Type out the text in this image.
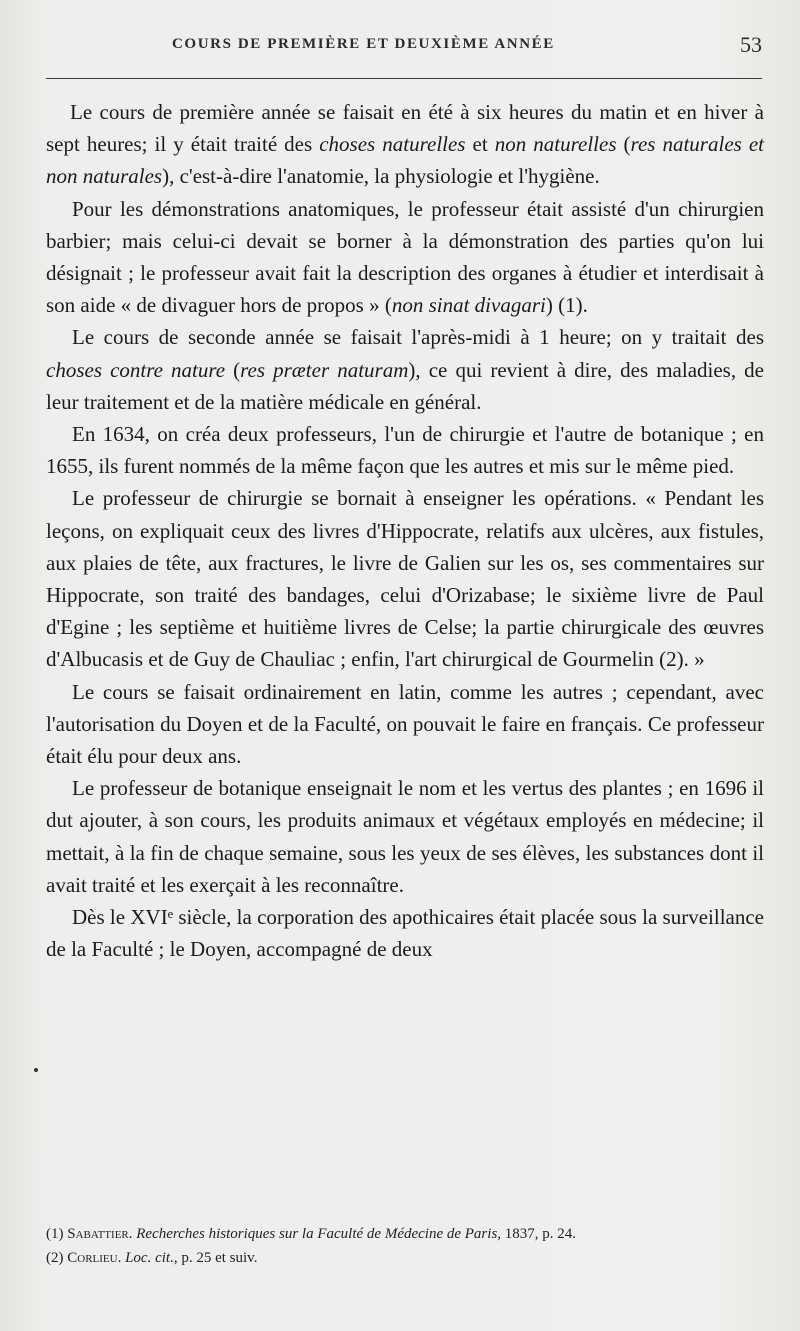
COURS DE PREMIÈRE ET DEUXIÈME ANNÉE	53

Le cours de première année se faisait en été à six heures du matin et en hiver à sept heures; il y était traité des choses naturelles et non naturelles (res naturales et non naturales), c'est-à-dire l'anatomie, la physiologie et l'hygiène.

Pour les démonstrations anatomiques, le professeur était assisté d'un chirurgien barbier; mais celui-ci devait se borner à la démonstration des parties qu'on lui désignait ; le professeur avait fait la description des organes à étudier et interdisait à son aide « de divaguer hors de propos » (non sinat divagari) (1).

Le cours de seconde année se faisait l'après-midi à 1 heure; on y traitait des choses contre nature (res præter naturam), ce qui revient à dire, des maladies, de leur traitement et de la matière médicale en général.

En 1634, on créa deux professeurs, l'un de chirurgie et l'autre de botanique ; en 1655, ils furent nommés de la même façon que les autres et mis sur le même pied.

Le professeur de chirurgie se bornait à enseigner les opérations. « Pendant les leçons, on expliquait ceux des livres d'Hippocrate, relatifs aux ulcères, aux fistules, aux plaies de tête, aux fractures, le livre de Galien sur les os, ses commentaires sur Hippocrate, son traité des bandages, celui d'Orizabase; le sixième livre de Paul d'Egine ; les septième et huitième livres de Celse; la partie chirurgicale des œuvres d'Albucasis et de Guy de Chauliac ; enfin, l'art chirurgical de Gourmelin (2). »

Le cours se faisait ordinairement en latin, comme les autres ; cependant, avec l'autorisation du Doyen et de la Faculté, on pouvait le faire en français. Ce professeur était élu pour deux ans.

Le professeur de botanique enseignait le nom et les vertus des plantes ; en 1696 il dut ajouter, à son cours, les produits animaux et végétaux employés en médecine; il mettait, à la fin de chaque semaine, sous les yeux de ses élèves, les substances dont il avait traité et les exerçait à les reconnaître.

Dès le XVIᵉ siècle, la corporation des apothicaires était placée sous la surveillance de la Faculté ; le Doyen, accompagné de deux

(1) Sabattier. Recherches historiques sur la Faculté de Médecine de Paris, 1837, p. 24.

(2) Corlieu. Loc. cit., p. 25 et suiv.
